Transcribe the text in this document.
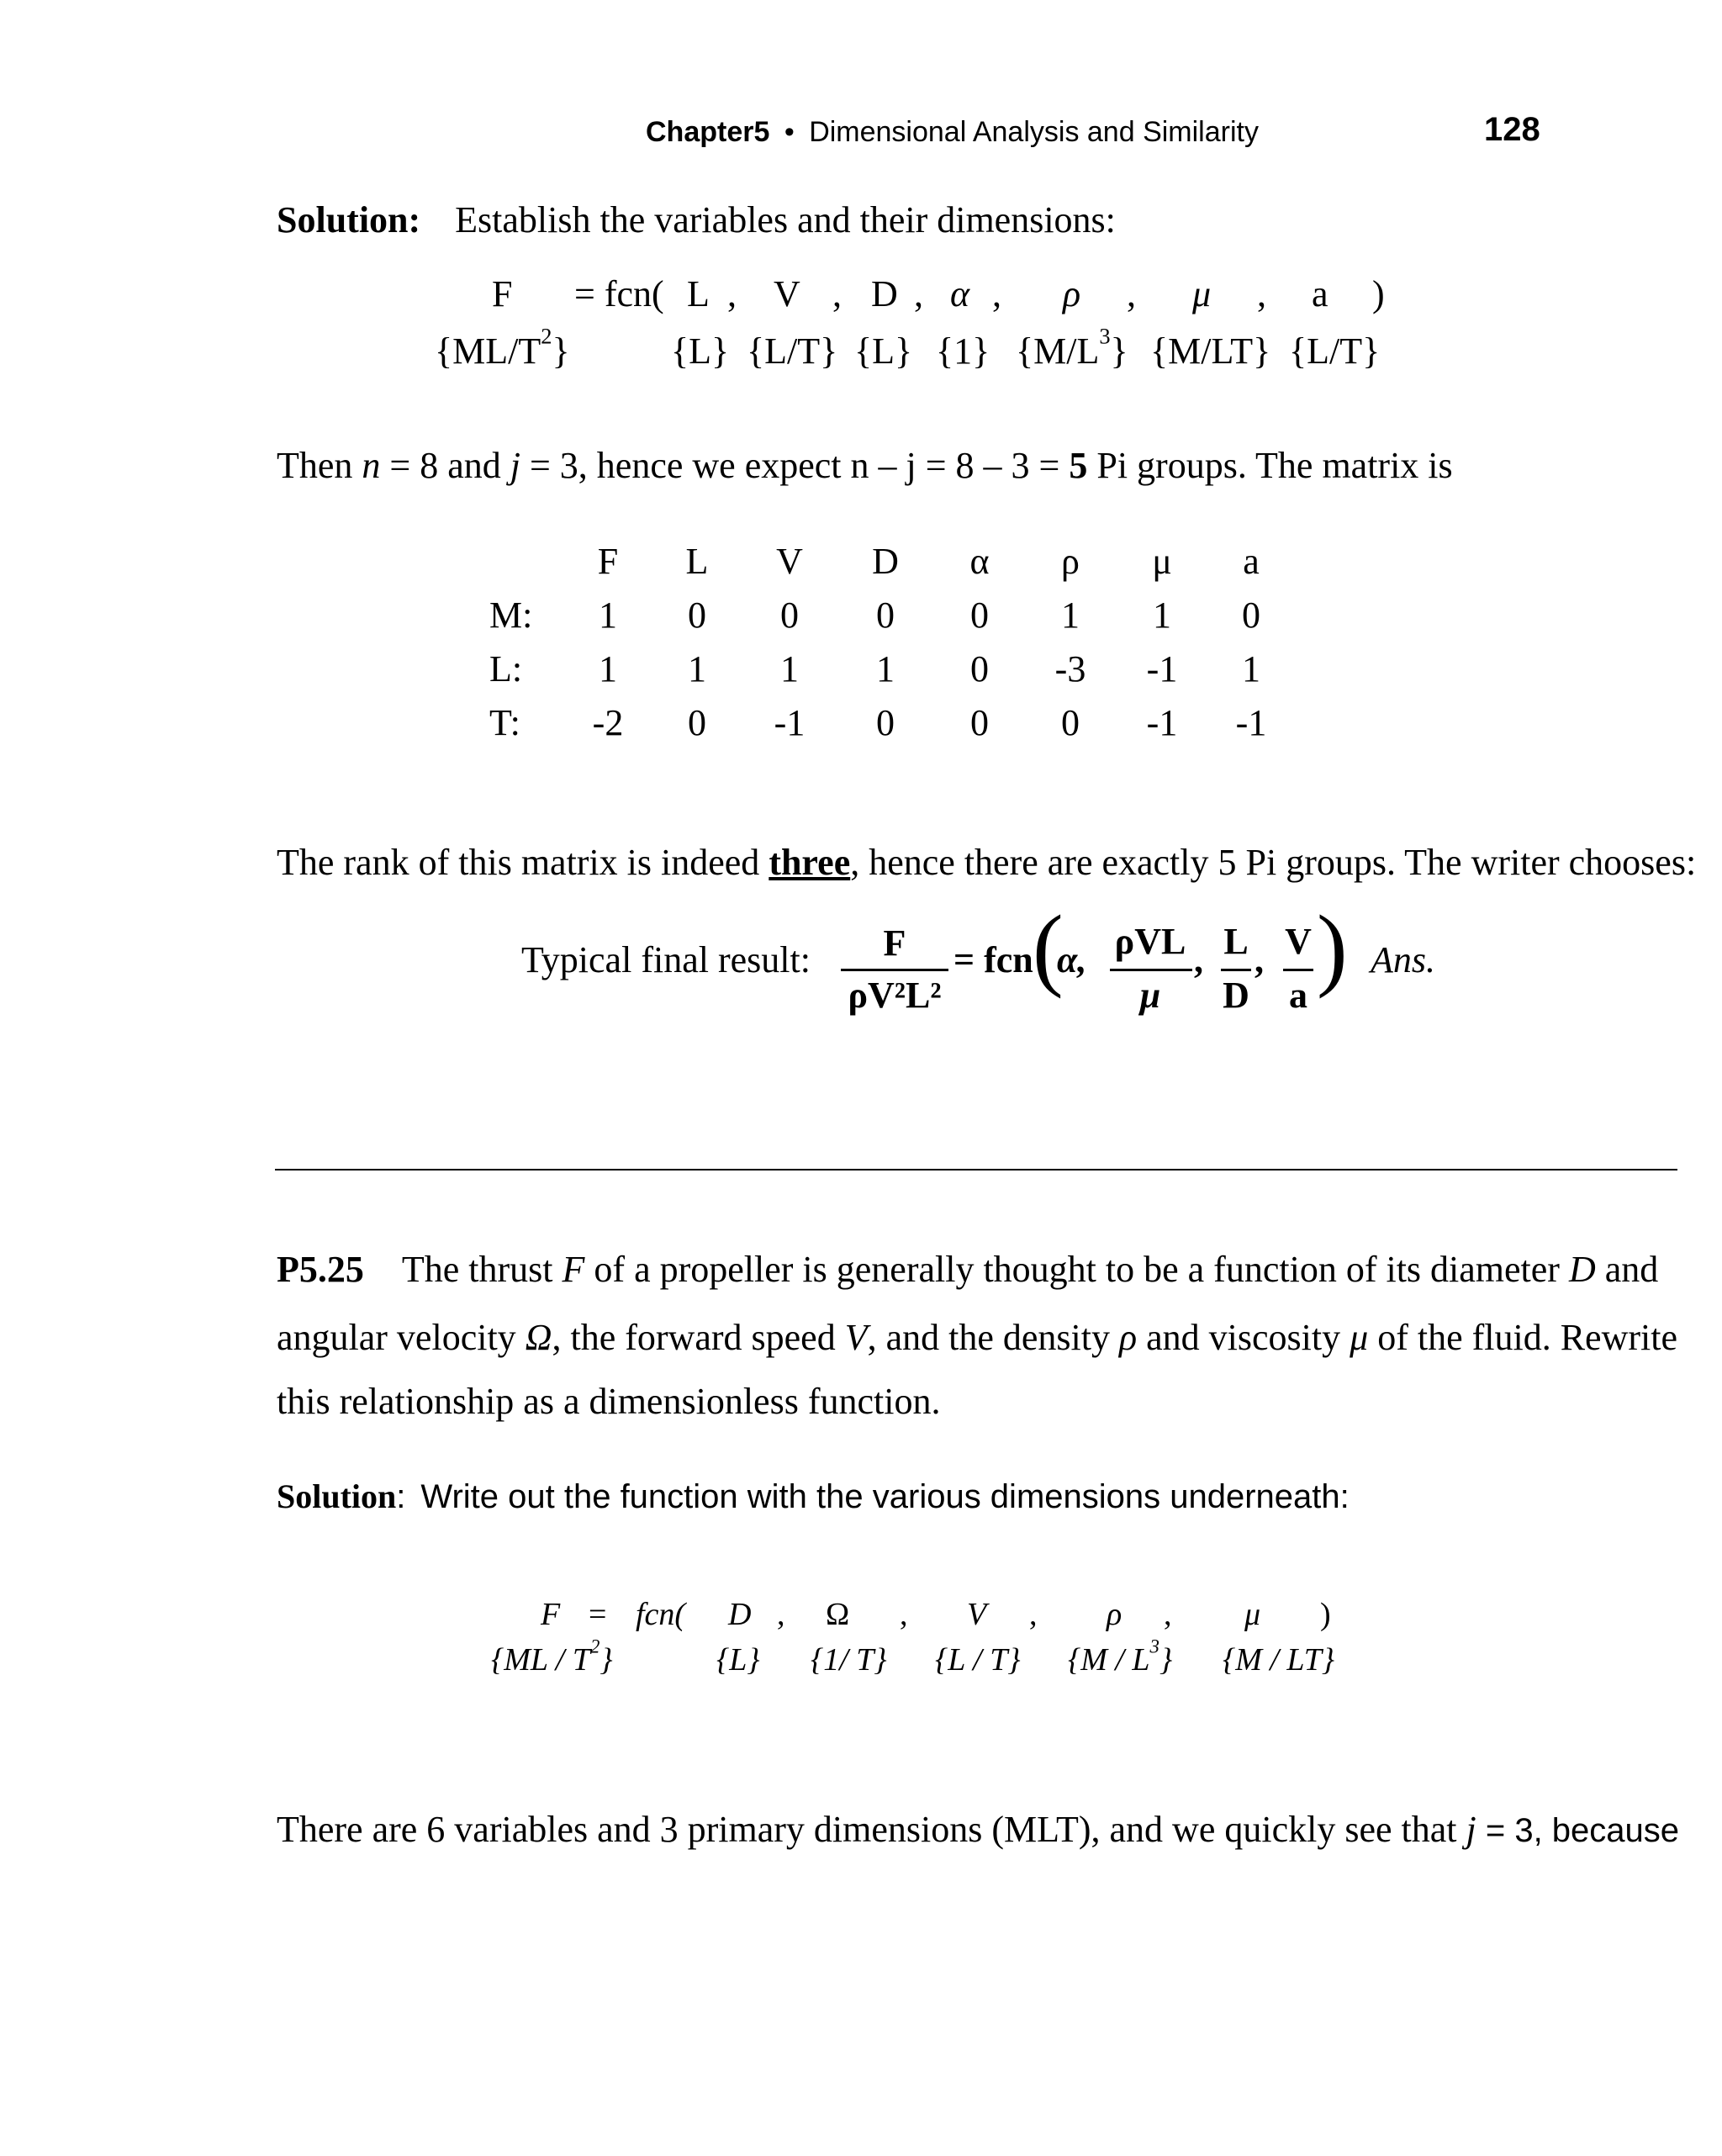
Chapter5 • Dimensional Analysis and Similarity	128
Solution: Establish the variables and their dimensions:
F = fcn( L , V , D , α , ρ , μ , a )
$\{ML/T^2\}$	{L} {L/T} {L} {1} $\{M/L^3\}$ {M/LT} {L/T}
Then n = 8 and j = 3, hence we expect n – j = 8 – 3 = 5 Pi groups. The matrix is
F	L	V	D	α	ρ	μ	a
M:	1	0	0	0	0	1	1	0
L:	1	1	1	1	0	-3	-1	1
T:	-2	0	-1	0	0	0	-1	-1
The rank of this matrix is indeed three, hence there are exactly 5 Pi groups. The writer chooses:
Typical final result:	F
ρV²L²
= fcn (
α, ρVL
μ
, L
D
, V
a ) Ans.
P5.25 The thrust F of a propeller is generally thought to be a function of its diameter D and
angular velocity Ω, the forward speed V, and the density ρ and viscosity μ of the fluid. Rewrite
this relationship as a dimensionless function.
Solution: Write out the function with the various dimensions underneath:
F = fcn( D , Ω , V , ρ , μ )
$\{ML / T^2\}$	{L} {1/ T} {L / T} $\{M / L^3\}$ {M / LT}
There are 6 variables and 3 primary dimensions (MLT), and we quickly see that j = 3, because
